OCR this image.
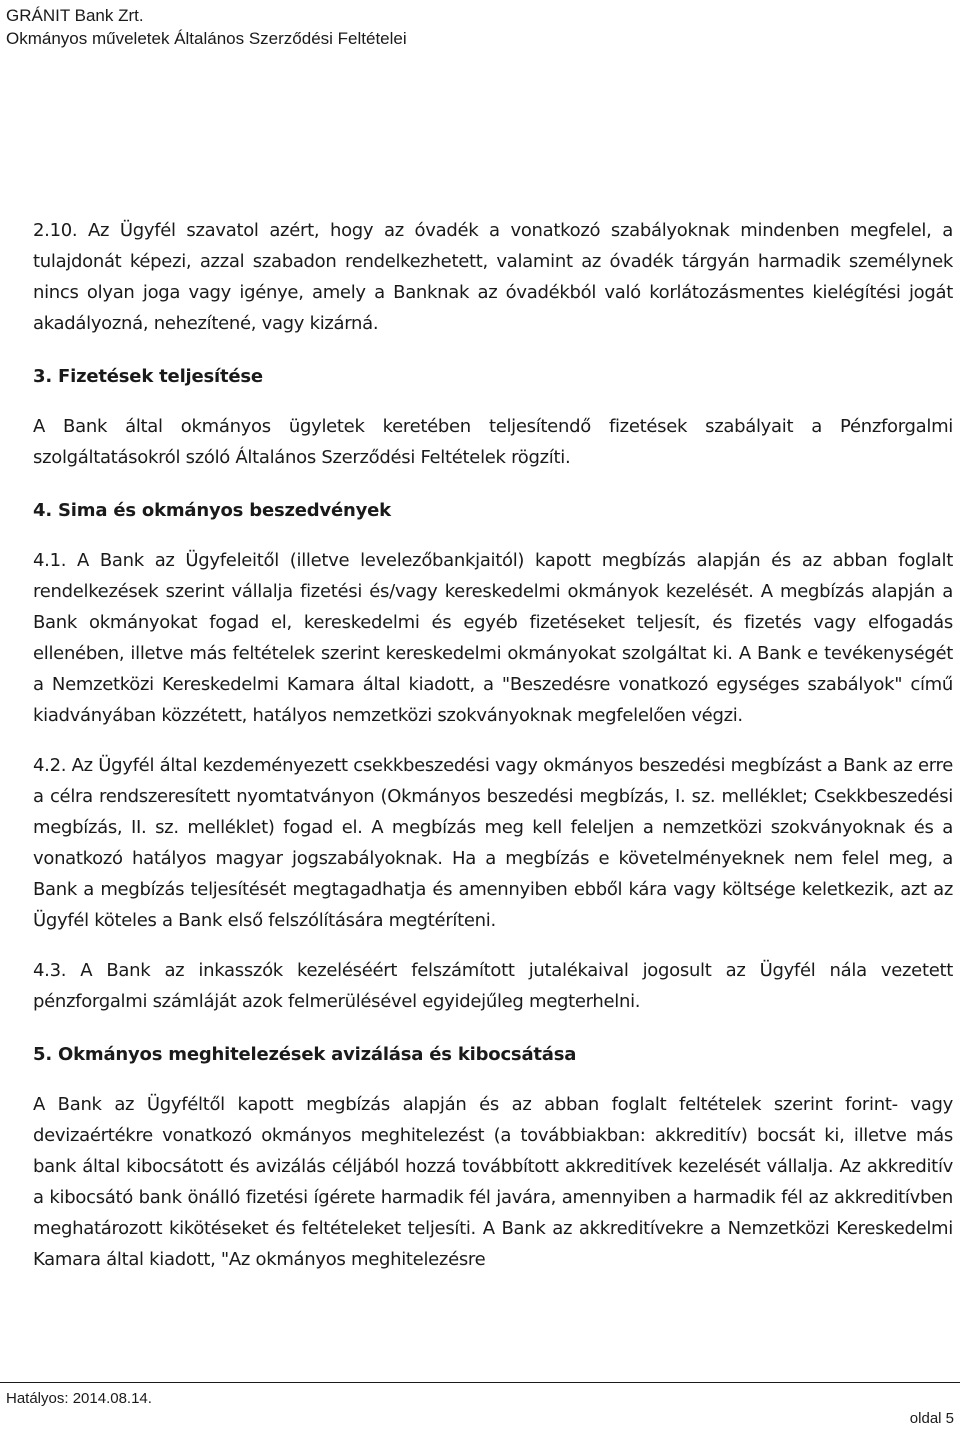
GRÁNIT Bank Zrt.
Okmányos műveletek Általános Szerződési Feltételei

2.10. Az Ügyfél szavatol azért, hogy az óvadék a vonatkozó szabályoknak mindenben megfelel, a tulajdonát képezi, azzal szabadon rendelkezhetett, valamint az óvadék tárgyán harmadik személynek nincs olyan joga vagy igénye, amely a Banknak az óvadékból való korlátozásmentes kielégítési jogát akadályozná, nehezítené, vagy kizárná.

3. Fizetések teljesítése

A Bank által okmányos ügyletek keretében teljesítendő fizetések szabályait a Pénzforgalmi szolgáltatásokról szóló Általános Szerződési Feltételek rögzíti.

4. Sima és okmányos beszedvények

4.1. A Bank az Ügyfeleitől (illetve levelezőbankjaitól) kapott megbízás alapján és az abban foglalt rendelkezések szerint vállalja fizetési és/vagy kereskedelmi okmányok kezelését. A megbízás alapján a Bank okmányokat fogad el, kereskedelmi és egyéb fizetéseket teljesít, és fizetés vagy elfogadás ellenében, illetve más feltételek szerint kereskedelmi okmányokat szolgáltat ki. A Bank e tevékenységét a Nemzetközi Kereskedelmi Kamara által kiadott, a "Beszedésre vonatkozó egységes szabályok" című kiadványában közzétett, hatályos nemzetközi szokványoknak megfelelően végzi.

4.2. Az Ügyfél által kezdeményezett csekkbeszedési vagy okmányos beszedési megbízást a Bank az erre a célra rendszeresített nyomtatványon (Okmányos beszedési megbízás, I. sz. melléklet; Csekkbeszedési megbízás, II. sz. melléklet) fogad el. A megbízás meg kell feleljen a nemzetközi szokványoknak és a vonatkozó hatályos magyar jogszabályoknak. Ha a megbízás e követelményeknek nem felel meg, a Bank a megbízás teljesítését megtagadhatja és amennyiben ebből kára vagy költsége keletkezik, azt az Ügyfél köteles a Bank első felszólítására megtéríteni.

4.3. A Bank az inkasszók kezeléséért felszámított jutalékaival jogosult az Ügyfél nála vezetett pénzforgalmi számláját azok felmerülésével egyidejűleg megterhelni.

5. Okmányos meghitelezések avizálása és kibocsátása

A Bank az Ügyféltől kapott megbízás alapján és az abban foglalt feltételek szerint forint- vagy devizaértékre vonatkozó okmányos meghitelezést (a továbbiakban: akkreditív) bocsát ki, illetve más bank által kibocsátott és avizálás céljából hozzá továbbított akkreditívek kezelését vállalja. Az akkreditív a kibocsátó bank önálló fizetési ígérete harmadik fél javára, amennyiben a harmadik fél az akkreditívben meghatározott kikötéseket és feltételeket teljesíti. A Bank az akkreditívekre a Nemzetközi Kereskedelmi Kamara által kiadott, "Az okmányos meghitelezésre

Hatályos: 2014.08.14.
oldal 5
